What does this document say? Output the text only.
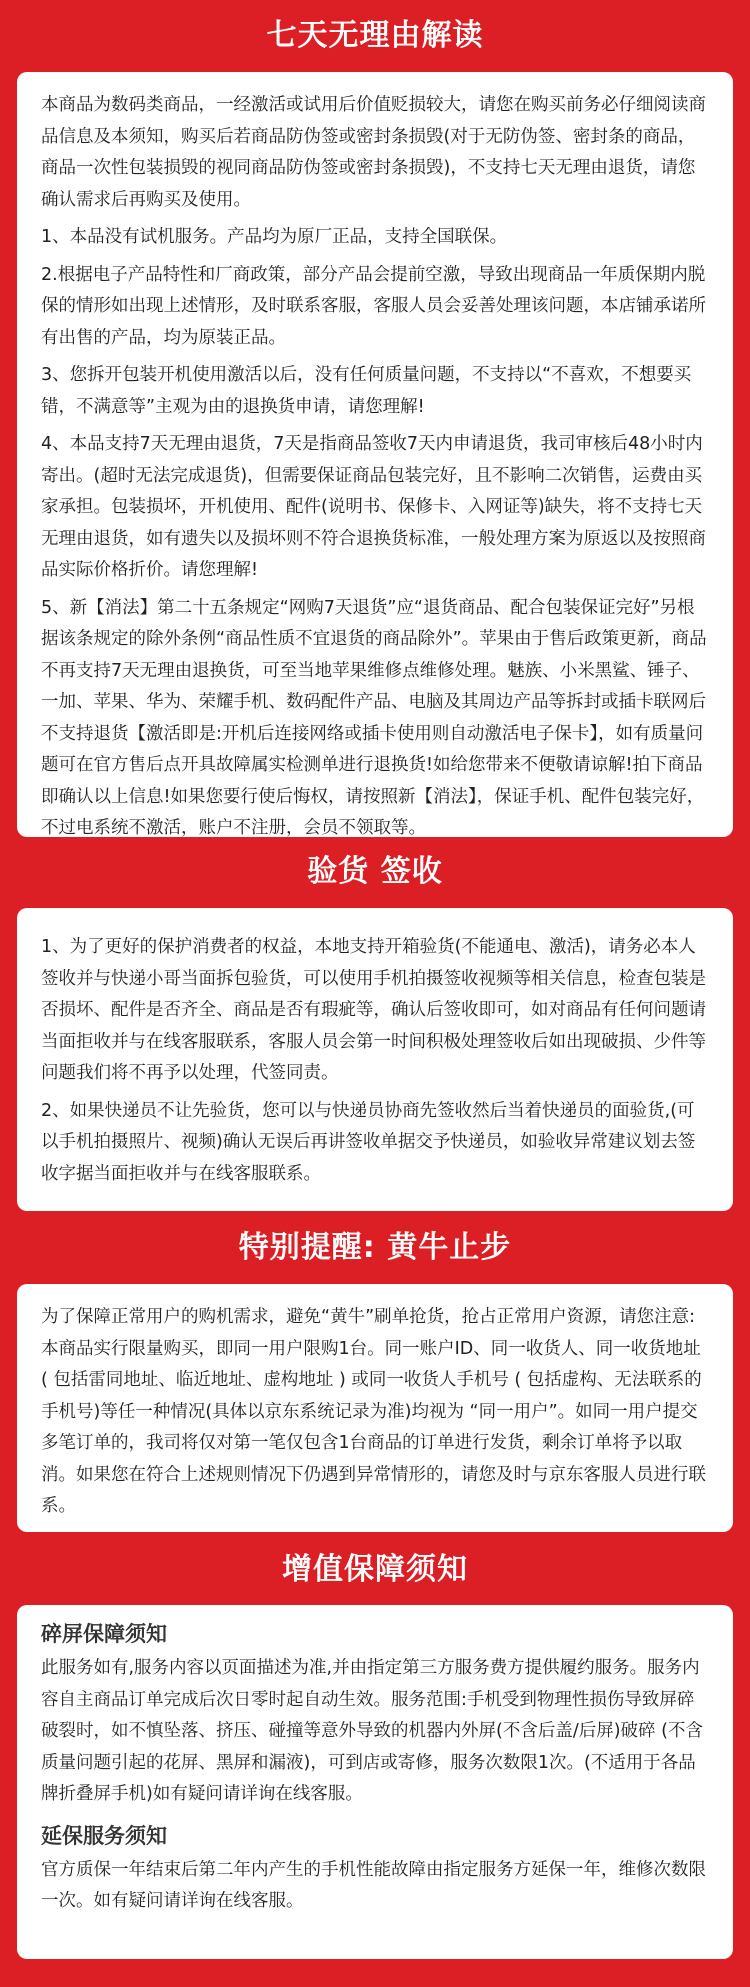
七天无理由解读

本商品为数码类商品，一经激活或试用后价值贬损较大，请您在购买前务必仔细阅读商品信息及本须知，购买后若商品防伪签或密封条损毁(对于无防伪签、密封条的商品，商品一次性包装损毁的视同商品防伪签或密封条损毁)，不支持七天无理由退货，请您确认需求后再购买及使用。

1、本品没有试机服务。产品均为原厂正品，支持全国联保。

2.根据电子产品特性和厂商政策，部分产品会提前空激，导致出现商品一年质保期内脱保的情形如出现上述情形，及时联系客服，客服人员会妥善处理该问题，本店铺承诺所有出售的产品，均为原装正品。

3、您拆开包装开机使用激活以后，没有任何质量问题，不支持以“不喜欢，不想要买错，不满意等”主观为由的退换货申请，请您理解!

4、本品支持7天无理由退货，7天是指商品签收7天内申请退货，我司审核后48小时内寄出。(超时无法完成退货)，但需要保证商品包装完好，且不影响二次销售，运费由买家承担。包装损坏，开机使用、配件(说明书、保修卡、入网证等)缺失，将不支持七天无理由退货，如有遗失以及损坏则不符合退换货标准，一般处理方案为原返以及按照商品实际价格折价。请您理解!

5、新【消法】第二十五条规定“网购7天退货”应“退货商品、配合包装保证完好”另根据该条规定的除外条例“商品性质不宜退货的商品除外”。苹果由于售后政策更新，商品不再支持7天无理由退换货，可至当地苹果维修点维修处理。魅族、小米黑鲨、锤子、一加、苹果、华为、荣耀手机、数码配件产品、电脑及其周边产品等拆封或插卡联网后不支持退货【激活即是:开机后连接网络或插卡使用则自动激活电子保卡】，如有质量问题可在官方售后点开具故障属实检测单进行退换货!如给您带来不便敬请谅解!拍下商品即确认以上信息!如果您要行使后悔权，请按照新【消法】，保证手机、配件包装完好，不过电系统不激活，账户不注册，会员不领取等。

验货 签收

1、为了更好的保护消费者的权益，本地支持开箱验货(不能通电、激活)，请务必本人签收并与快递小哥当面拆包验货，可以使用手机拍摄签收视频等相关信息，检查包装是否损坏、配件是否齐全、商品是否有瑕疵等，确认后签收即可，如对商品有任何问题请当面拒收并与在线客服联系，客服人员会第一时间积极处理签收后如出现破损、少件等问题我们将不再予以处理，代签同责。

2、如果快递员不让先验货，您可以与快递员协商先签收然后当着快递员的面验货,(可以手机拍摄照片、视频)确认无误后再讲签收单据交予快递员，如验收异常建议划去签收字据当面拒收并与在线客服联系。

特别提醒: 黄牛止步

为了保障正常用户的购机需求，避免“黄牛”刷单抢货，抢占正常用户资源，请您注意:本商品实行限量购买，即同一用户限购1台。同一账户ID、同一收货人、同一收货地址 ( 包括雷同地址、临近地址、虚构地址 ) 或同一收货人手机号 ( 包括虚构、无法联系的手机号)等任一种情况(具体以京东系统记录为准)均视为 “同一用户”。如同一用户提交多笔订单的，我司将仅对第一笔仅包含1台商品的订单进行发货，剩余订单将予以取消。如果您在符合上述规则情况下仍遇到异常情形的，请您及时与京东客服人员进行联系。

增值保障须知
碎屏保障须知

此服务如有,服务内容以页面描述为准,并由指定第三方服务费方提供履约服务。服务内容自主商品订单完成后次日零时起自动生效。服务范围:手机受到物理性损伤导致屏碎破裂时，如不慎坠落、挤压、碰撞等意外导致的机器内外屏(不含后盖/后屏)破碎 (不含质量问题引起的花屏、黑屏和漏液)，可到店或寄修，服务次数限1次。(不适用于各品牌折叠屏手机)如有疑问请详询在线客服。

延保服务须知

官方质保一年结束后第二年内产生的手机性能故障由指定服务方延保一年，维修次数限一次。如有疑问请详询在线客服。
